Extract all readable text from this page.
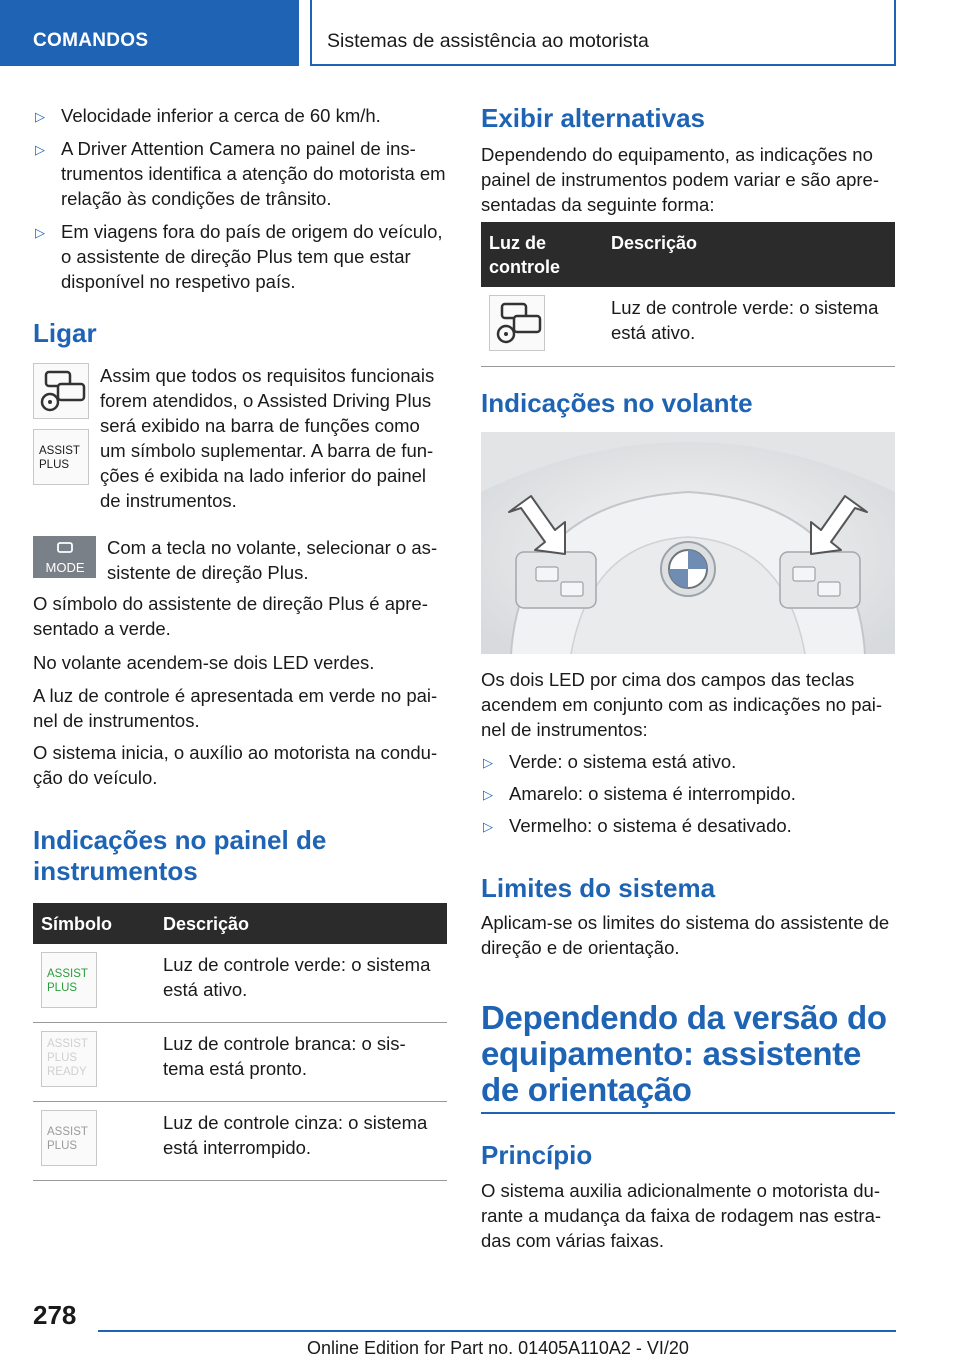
COMANDOS	Sistemas de assistência ao motorista
▷ Velocidade inferior a cerca de 60 km/h.
▷ A Driver Attention Camera no painel de instrumentos identifica a atenção do motorista em relação às condições de trânsito.
▷ Em viagens fora do país de origem do veículo, o assistente de direção Plus tem que estar disponível no respetivo país.
Ligar
ASSIST
PLUS
Assim que todos os requisitos funcionais forem atendidos, o Assisted Driving Plus será exibido na barra de funções como um símbolo suplementar. A barra de funções é exibida na lado inferior do painel de instrumentos.
MODE
Com a tecla no volante, selecionar o assistente de direção Plus.
O símbolo do assistente de direção Plus é apresentado a verde.
No volante acendem-se dois LED verdes.
A luz de controle é apresentada em verde no painel de instrumentos.
O sistema inicia, o auxílio ao motorista na condução do veículo.
Indicações no painel de instrumentos
Símbolo	Descrição

ASSIST
PLUS	Luz de controle verde: o sistema está ativo.

ASSIST
PLUS
READY	Luz de controle branca: o sistema está pronto.

ASSIST
PLUS	Luz de controle cinza: o sistema está interrompido.
Exibir alternativas
Dependendo do equipamento, as indicações no painel de instrumentos podem variar e são apresentadas da seguinte forma:
Luz de controle	Descrição
	Luz de controle verde: o sistema está ativo.
Indicações no volante
Os dois LED por cima dos campos das teclas acendem em conjunto com as indicações no painel de instrumentos:
▷ Verde: o sistema está ativo.
▷ Amarelo: o sistema é interrompido.
▷ Vermelho: o sistema é desativado.
Limites do sistema
Aplicam-se os limites do sistema do assistente de direção e de orientação.
Dependendo da versão do equipamento: assistente de orientação
Princípio
O sistema auxilia adicionalmente o motorista durante a mudança da faixa de rodagem nas estradas com várias faixas.
278
Online Edition for Part no. 01405A110A2 - VI/20
